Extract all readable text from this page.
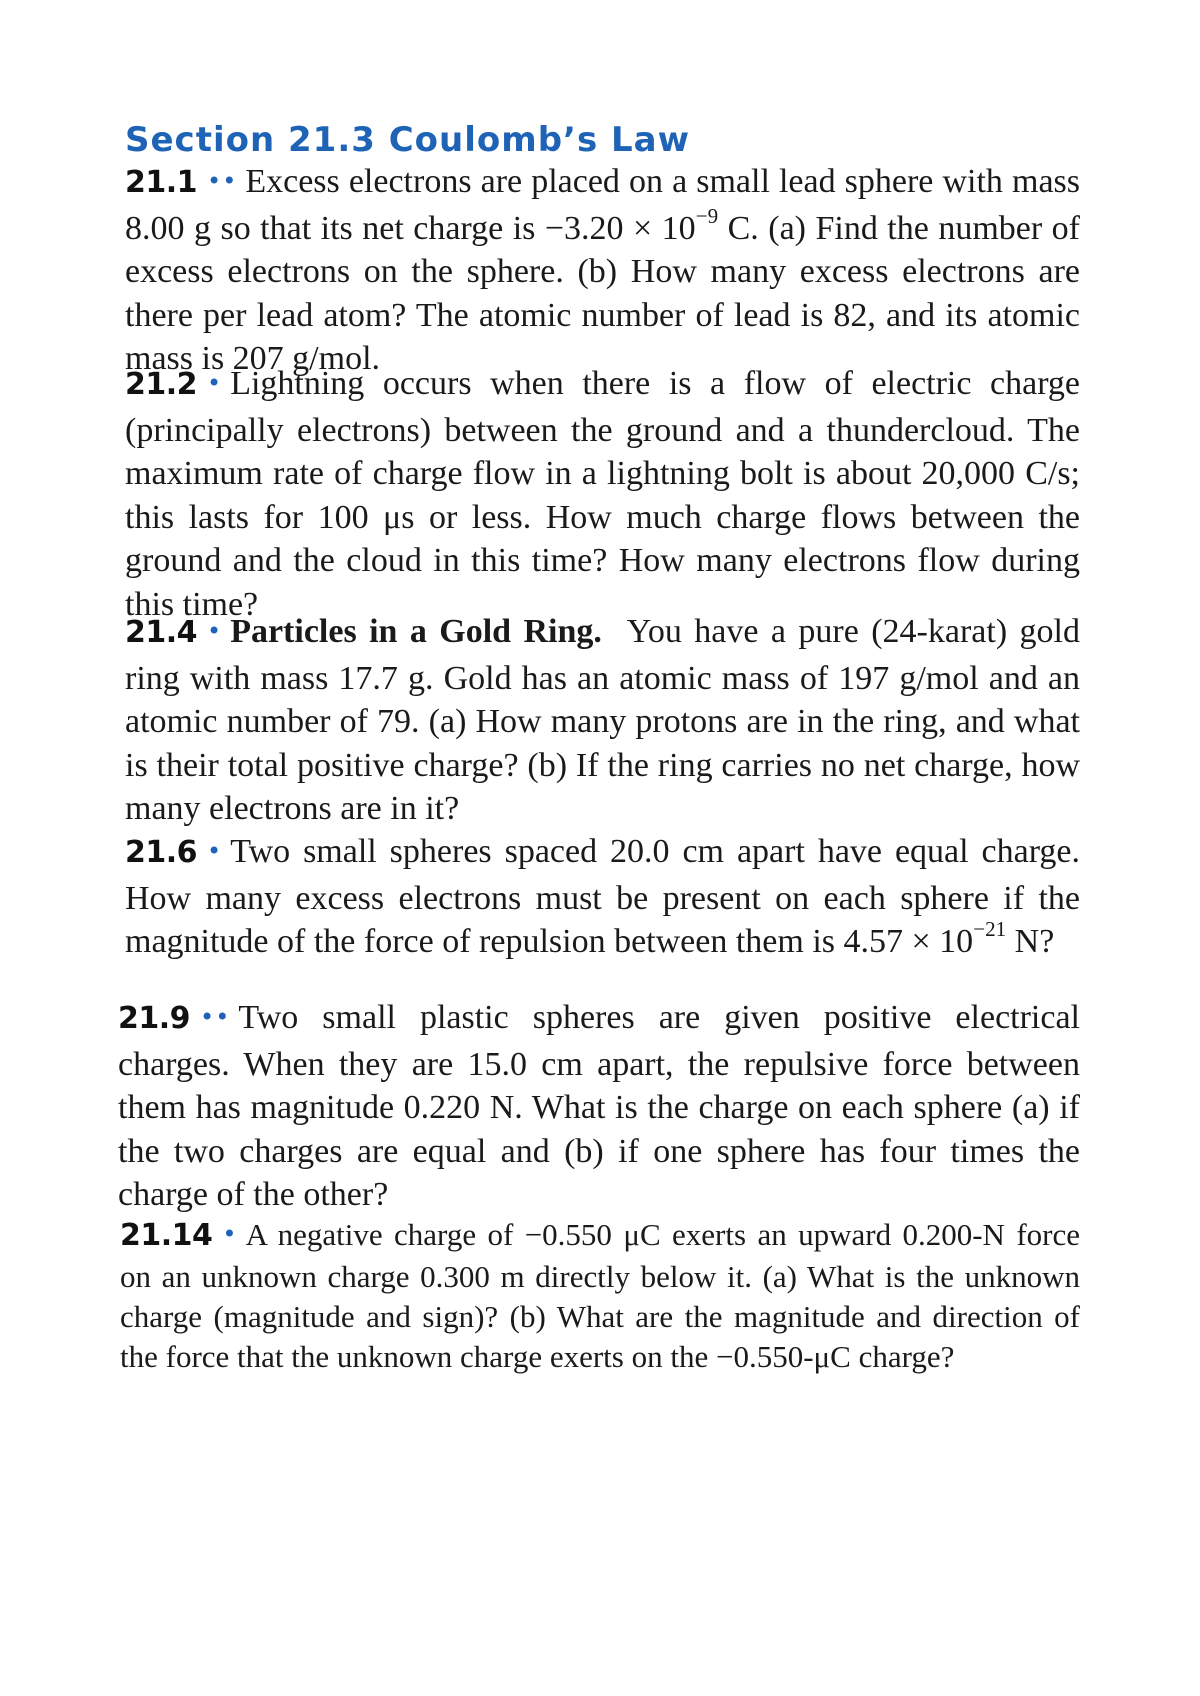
Section 21.3 Coulomb’s Law
21.1 •• Excess electrons are placed on a small lead sphere with mass 8.00 g so that its net charge is $-3.20 \times 10^{-9}$ C. (a) Find the number of excess electrons on the sphere. (b) How many excess electrons are there per lead atom? The atomic number of lead is 82, and its atomic mass is 207 g/mol.
21.2 • Lightning occurs when there is a flow of electric charge (principally electrons) between the ground and a thundercloud. The maximum rate of charge flow in a lightning bolt is about 20,000 C/s; this lasts for 100 μs or less. How much charge flows between the ground and the cloud in this time? How many electrons flow during this time?
21.4 • Particles in a Gold Ring. You have a pure (24-karat) gold ring with mass 17.7 g. Gold has an atomic mass of 197 g/mol and an atomic number of 79. (a) How many protons are in the ring, and what is their total positive charge? (b) If the ring carries no net charge, how many electrons are in it?
21.6 • Two small spheres spaced 20.0 cm apart have equal charge. How many excess electrons must be present on each sphere if the magnitude of the force of repulsion between them is $4.57 \times 10^{-21}$ N?
21.9 •• Two small plastic spheres are given positive electrical charges. When they are 15.0 cm apart, the repulsive force between them has magnitude 0.220 N. What is the charge on each sphere (a) if the two charges are equal and (b) if one sphere has four times the charge of the other?
21.14 • A negative charge of −0.550 μC exerts an upward 0.200-N force on an unknown charge 0.300 m directly below it. (a) What is the unknown charge (magnitude and sign)? (b) What are the magnitude and direction of the force that the unknown charge exerts on the −0.550-μC charge?
